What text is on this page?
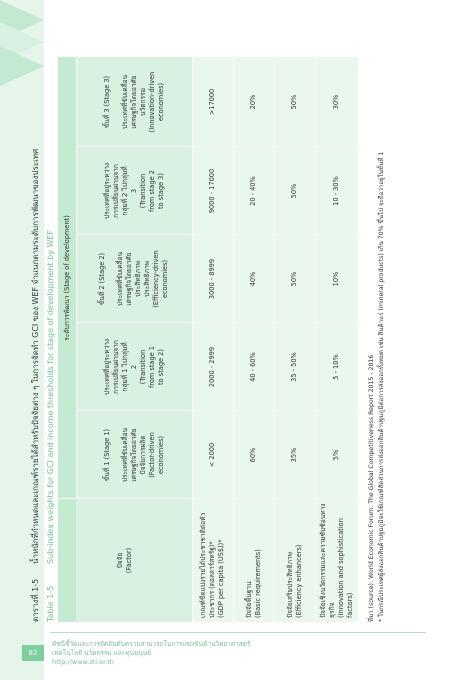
ตารางที่ 1-5
น้ำหนักที่กำหนดและเกณฑ์รายได้สำหรับปัจจัยต่าง ๆ ในการจัดทำ GCI ของ WEF จำแนกตามระดับการพัฒนาของประเทศ
Table 1-5
Sub-index weights for GCI and income thresholds for stage of development by WEF	ปัจจัย (Factor)
ระดับการพัฒนา (Stage of development)
ขั้นที่ 1 (Stage 1)
ประเทศที่ขับเคลื่อน เศรษฐกิจโดยอาศัย ปัจจัยการผลิต (Factor-driven economies)
ประเทศที่อยู่ระหว่าง การเปลี่ยนผ่านจาก กลุ่มที่ 1 ไปกลุ่มที่ 2 (Transition from stage 1 to stage 2)
ขั้นที่ 2 (Stage 2)
ประเทศที่ขับเคลื่อน เศรษฐกิจโดยอาศัย ประสิทธิภาพ ประสิทธิภาพ (Efficiency-driven economies)
ประเทศที่อยู่ระหว่าง การเปลี่ยนผ่านจาก กลุ่มที่ 2 ไปกลุ่มที่ 3 (Transition from stage 2 to stage 3)
ขั้นที่ 3 (Stage 3)
ประเทศที่ขับเคลื่อน เศรษฐกิจโดยอาศัย นวัตกรรม (Innovation-driven economies)
เกณฑ์ขีดแบ่งรายได้ประชาชาติต่อหัวประชากร (ดอลลาร์สหรัฐ)* (GDP per capita (US$))*
< 2000
2000 - 2999
3000 - 8999
9000 - 17000
>17000
ปัจจัยพื้นฐาน (Basic requirements)
60%
40 - 60%
40%
20 - 40%
20%
ปัจจัยเสริมประสิทธิภาพ (Efficiency enhancers)
35%
35 - 50%
50%
50%
50%
ปัจจัยเชิงนวัตกรรมและความซับซ้อนทางธุรกิจ (Innovation and sophistication factors)
5%
5 - 10%
10%
10 - 30%
30%
ที่มา (source): World Economic Forum. The Global Competitiveness Report 2015 - 2016 * ในกรณีประเทศผู้ส่งออกสินค้าปฐมภูมิจะใช้เกณฑ์สัดส่วนการส่งออกสินค้าปฐมภูมิต่อการส่งออกทั้งหมด เช่น สินค้าแร่ (mineral products) เกิน 70% ขึ้นไป จะถือว่าอยู่ในขั้นที่ 1
82
ดัชนีชี้วัดและการจัดอันดับความสามารถในการแข่งขันด้านวิทยาศาสตร์
เทคโนโลยี นวัตกรรม และทุนมนุษย์
http://www.sti.or.th
